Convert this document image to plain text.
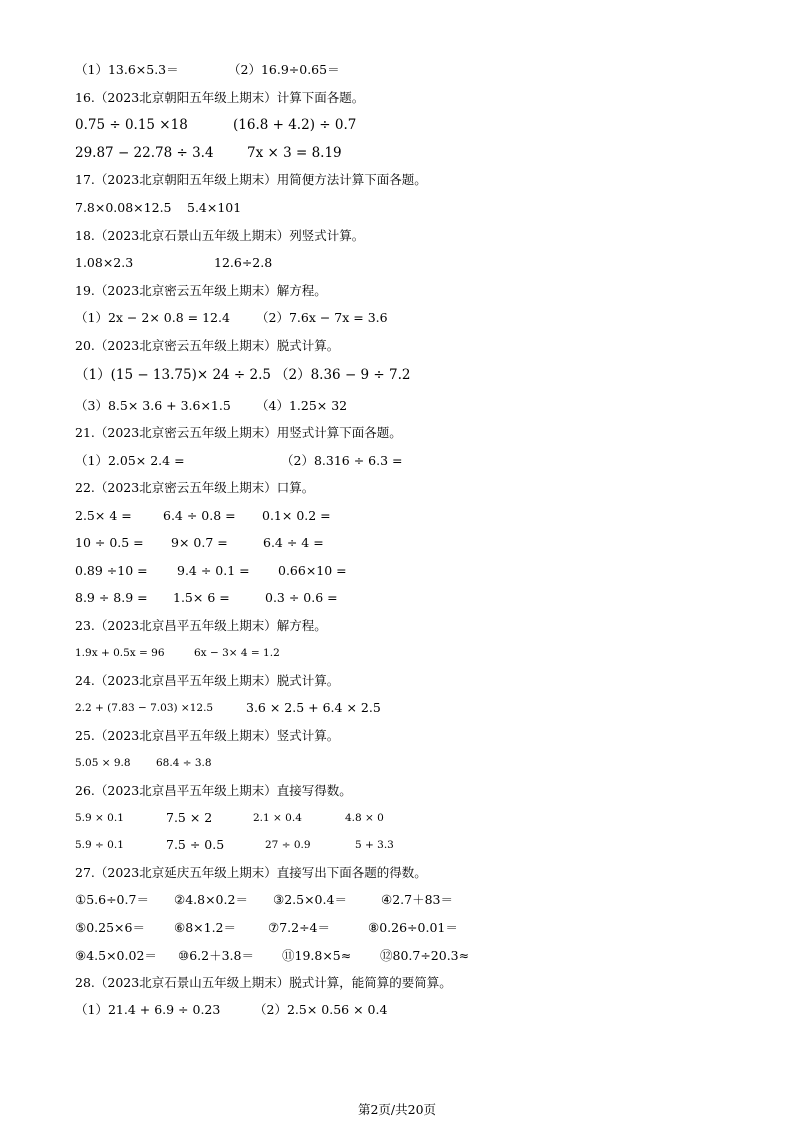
（1）13.6×5.3＝	（2）16.9÷0.65＝
16.（2023北京朝阳五年级上期末）计算下面各题。
0.75 ÷ 0.15 ×18	(16.8 + 4.2) ÷ 0.7
29.87 − 22.78 ÷ 3.4 7x × 3 = 8.19
17.（2023北京朝阳五年级上期末）用简便方法计算下面各题。
7.8×0.08×12.5 5.4×101
18.（2023北京石景山五年级上期末）列竖式计算。
1.08×2.3	12.6÷2.8
19.（2023北京密云五年级上期末）解方程。
（1）2x − 2× 0.8 = 12.4 （2）7.6x − 7x = 3.6
20.（2023北京密云五年级上期末）脱式计算。
（1）(15 − 13.75)× 24 ÷ 2.5 （2）8.36 − 9 ÷ 7.2
（3）8.5× 3.6 + 3.6×1.5 （4）1.25× 32
21.（2023北京密云五年级上期末）用竖式计算下面各题。
（1）2.05× 2.4 =	（2）8.316 ÷ 6.3 =
22.（2023北京密云五年级上期末）口算。
2.5× 4 =	6.4 ÷ 0.8 = 0.1× 0.2 =
10 ÷ 0.5 = 9× 0.7 =	6.4 ÷ 4 =
0.89 ÷10 = 9.4 ÷ 0.1 = 0.66×10 =
8.9 ÷ 8.9 = 1.5× 6 =	0.3 ÷ 0.6 =
23.（2023北京昌平五年级上期末）解方程。
1.9x + 0.5x = 96	6x − 3× 4 = 1.2
24.（2023北京昌平五年级上期末）脱式计算。
2.2 + (7.83 − 7.03) ×12.5	3.6 × 2.5 + 6.4 × 2.5
25.（2023北京昌平五年级上期末）竖式计算。
5.05 × 9.8 68.4 ÷ 3.8
26.（2023北京昌平五年级上期末）直接写得数。
5.9 × 0.1	7.5 × 2	2.1 × 0.4	4.8 × 0
5.9 ÷ 0.1	7.5 ÷ 0.5	27 ÷ 0.9	5 + 3.3
27.（2023北京延庆五年级上期末）直接写出下面各题的得数。
①5.6÷0.7＝ ②4.8×0.2＝ ③2.5×0.4＝	④2.7＋83＝
⑤0.25×6＝ ⑥8×1.2＝	⑦7.2÷4＝	⑧0.26÷0.01＝
⑨4.5×0.02＝ ⑩6.2＋3.8＝ ⑪19.8×5≈ ⑫80.7÷20.3≈
28.（2023北京石景山五年级上期末）脱式计算，能简算的要简算。
（1）21.4 + 6.9 ÷ 0.23	（2）2.5× 0.56 × 0.4
第2页/共20页
